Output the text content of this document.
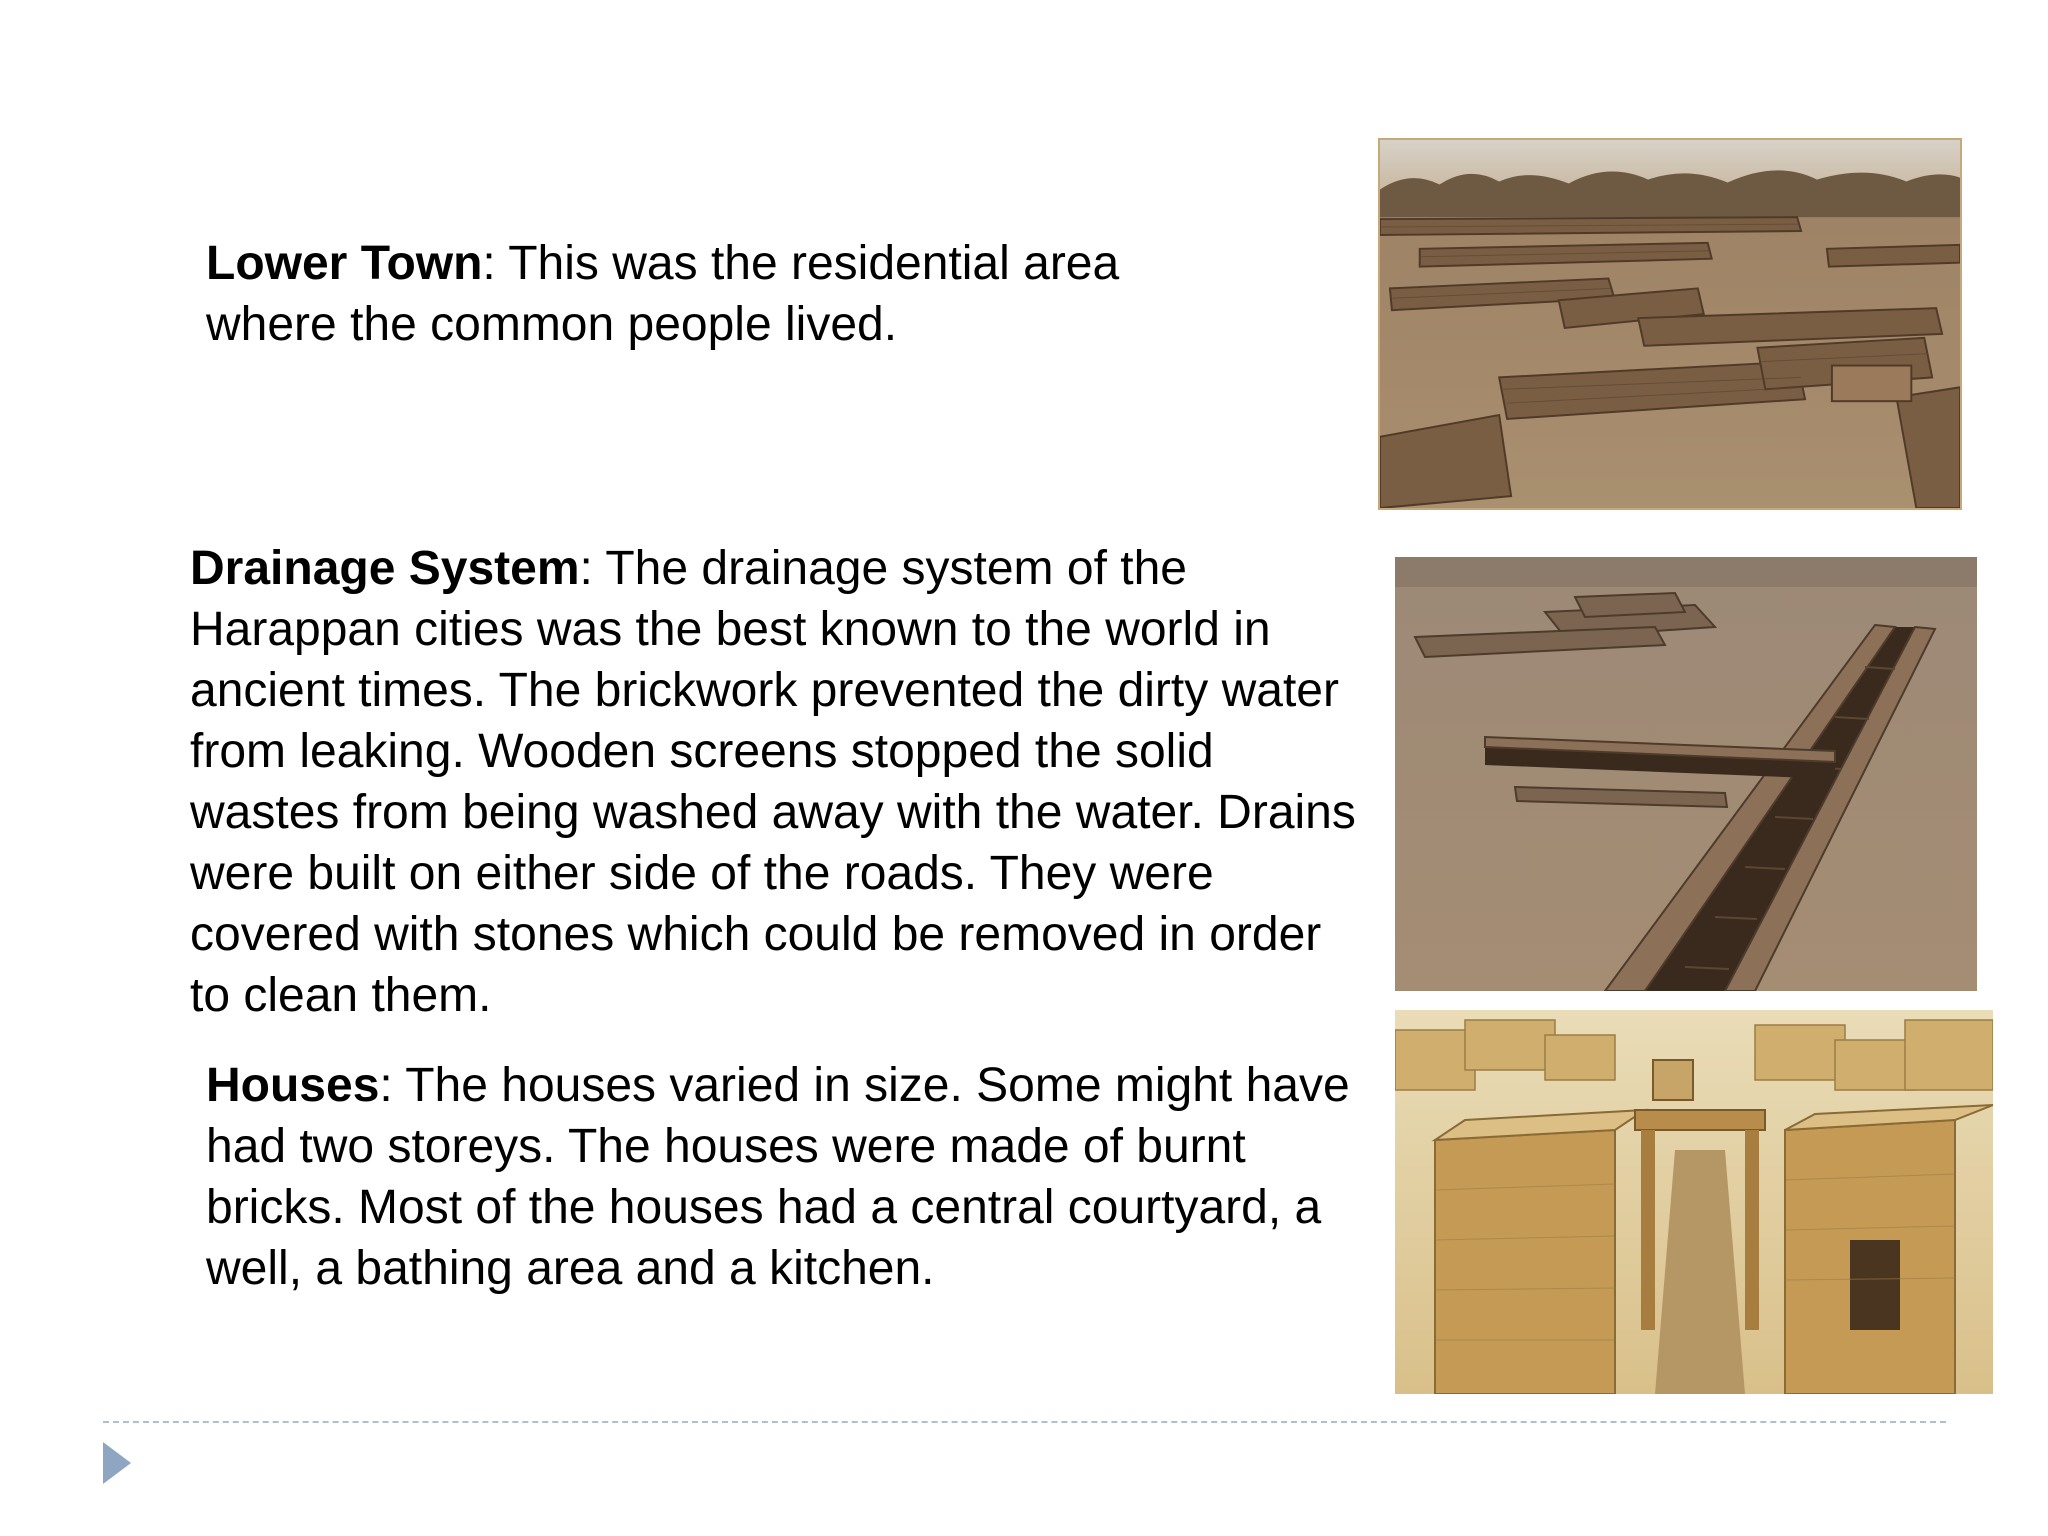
Lower Town: This was the residential area where the common people lived.

Drainage System: The drainage system of the Harappan cities was the best known to the world in ancient times. The brickwork prevented the dirty water from leaking. Wooden screens stopped the solid wastes from being washed away with the water. Drains were built on either side of the roads. They were covered with stones which could be removed in order to clean them.

Houses: The houses varied in size. Some might have had two storeys. The houses were made of burnt bricks. Most of the houses had a central courtyard, a well, a bathing area and a kitchen.
